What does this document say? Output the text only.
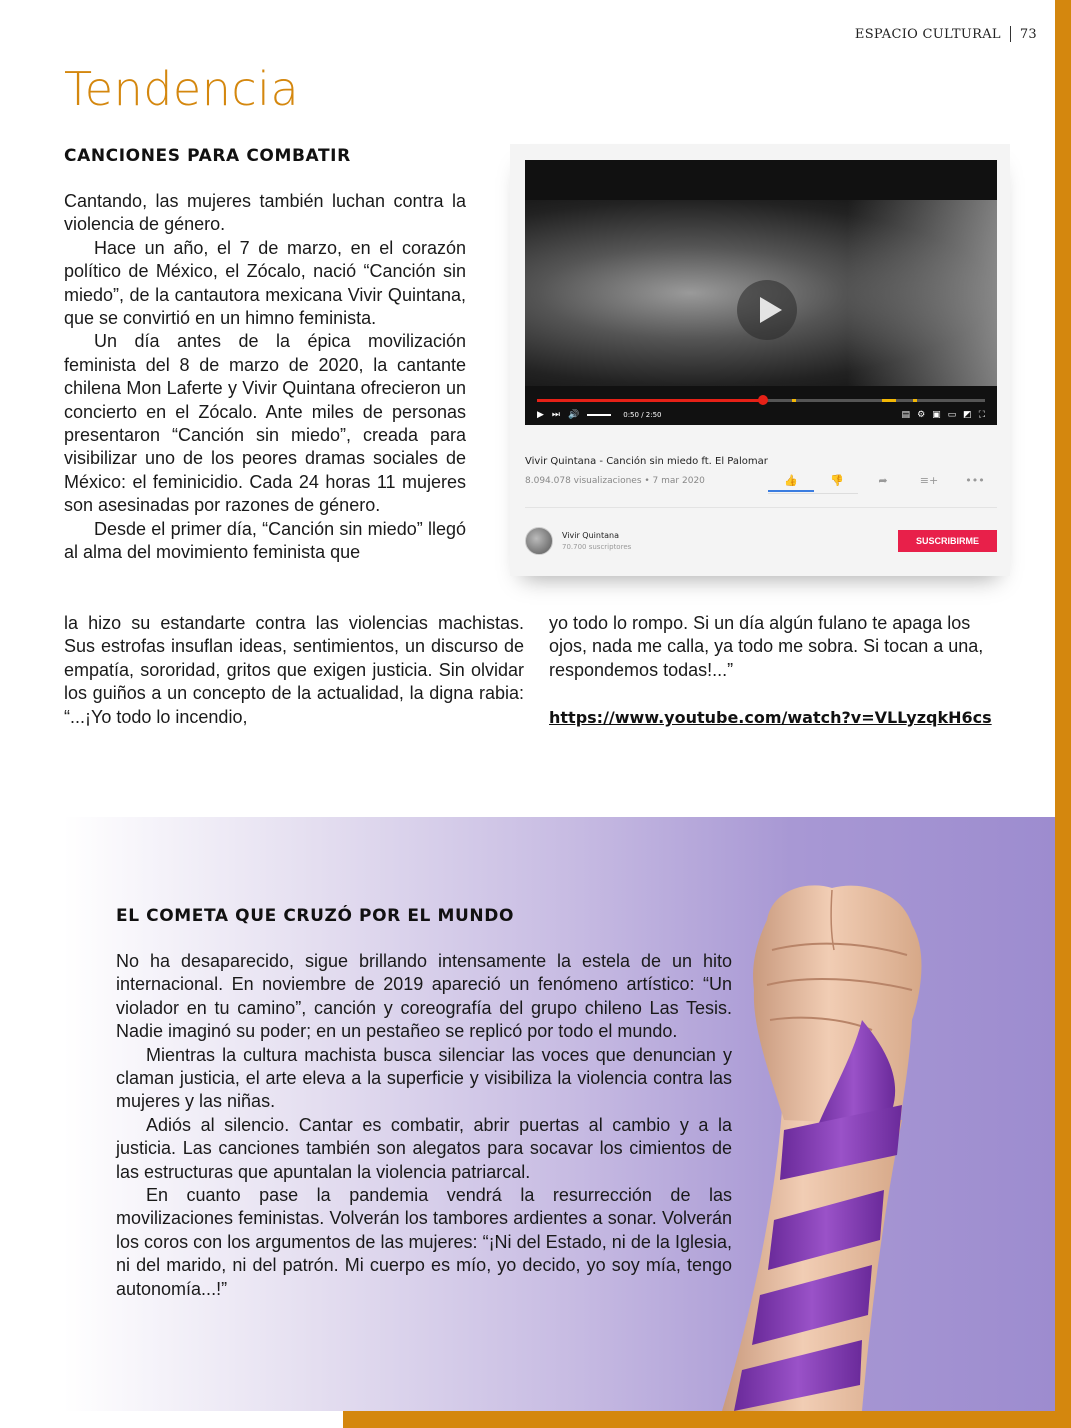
ESPACIO CULTURAL 73
Tendencia
CANCIONES PARA COMBATIR

Cantando, las mujeres también luchan contra la violencia de género.

Hace un año, el 7 de marzo, en el corazón político de México, el Zócalo, nació “Canción sin miedo”, de la cantautora mexicana Vivir Quintana, que se convirtió en un himno feminista.

Un día antes de la épica movilización feminista del 8 de marzo de 2020, la cantante chilena Mon Laferte y Vivir Quintana ofrecieron un concierto en el Zócalo. Ante miles de personas presentaron “Canción sin miedo”, creada para visibilizar uno de los peores dramas sociales de México: el feminicidio. Cada 24 horas 11 mujeres son asesinadas por razones de género.

Desde el primer día, “Canción sin miedo” llegó al alma del movimiento feminista que

la hizo su estandarte contra las violencias machistas. Sus estrofas insuflan ideas, sentimientos, un discurso de empatía, sororidad, gritos que exigen justicia. Sin olvidar los guiños a un concepto de la actualidad, la digna rabia: “...¡Yo todo lo incendio,

yo todo lo rompo. Si un día algún fulano te apaga los ojos, nada me calla, ya todo me sobra. Si tocan a una, respondemos todas!...”

https://www.youtube.com/watch?v=VLLyzqkH6cs
▶ ⏭ 🔊	0:50 / 2:50	▤ ⚙ ▣ ▭ ◩ ⛶
Vivir Quintana - Canción sin miedo ft. El Palomar
8.094.078 visualizaciones • 7 mar 2020	👍	👎	➦	≡+	•••
Vivir Quintana
70.700 suscriptores
SUSCRIBIRME
EL COMETA QUE CRUZÓ POR EL MUNDO

No ha desaparecido, sigue brillando intensamente la estela de un hito internacional. En noviembre de 2019 apareció un fenómeno artístico: “Un violador en tu camino”, canción y coreografía del grupo chileno Las Tesis. Nadie imaginó su poder; en un pestañeo se replicó por todo el mundo.

Mientras la cultura machista busca silenciar las voces que denuncian y claman justicia, el arte eleva a la superficie y visibiliza la violencia contra las mujeres y las niñas.

Adiós al silencio. Cantar es combatir, abrir puertas al cambio y a la justicia. Las canciones también son alegatos para socavar los cimientos de las estructuras que apuntalan la violencia patriarcal.

En cuanto pase la pandemia vendrá la resurrección de las movilizaciones feministas. Volverán los tambores ardientes a sonar. Volverán los coros con los argumentos de las mujeres: “¡Ni del Estado, ni de la Iglesia, ni del marido, ni del patrón. Mi cuerpo es mío, yo decido, yo soy mía, tengo autonomía...!”
